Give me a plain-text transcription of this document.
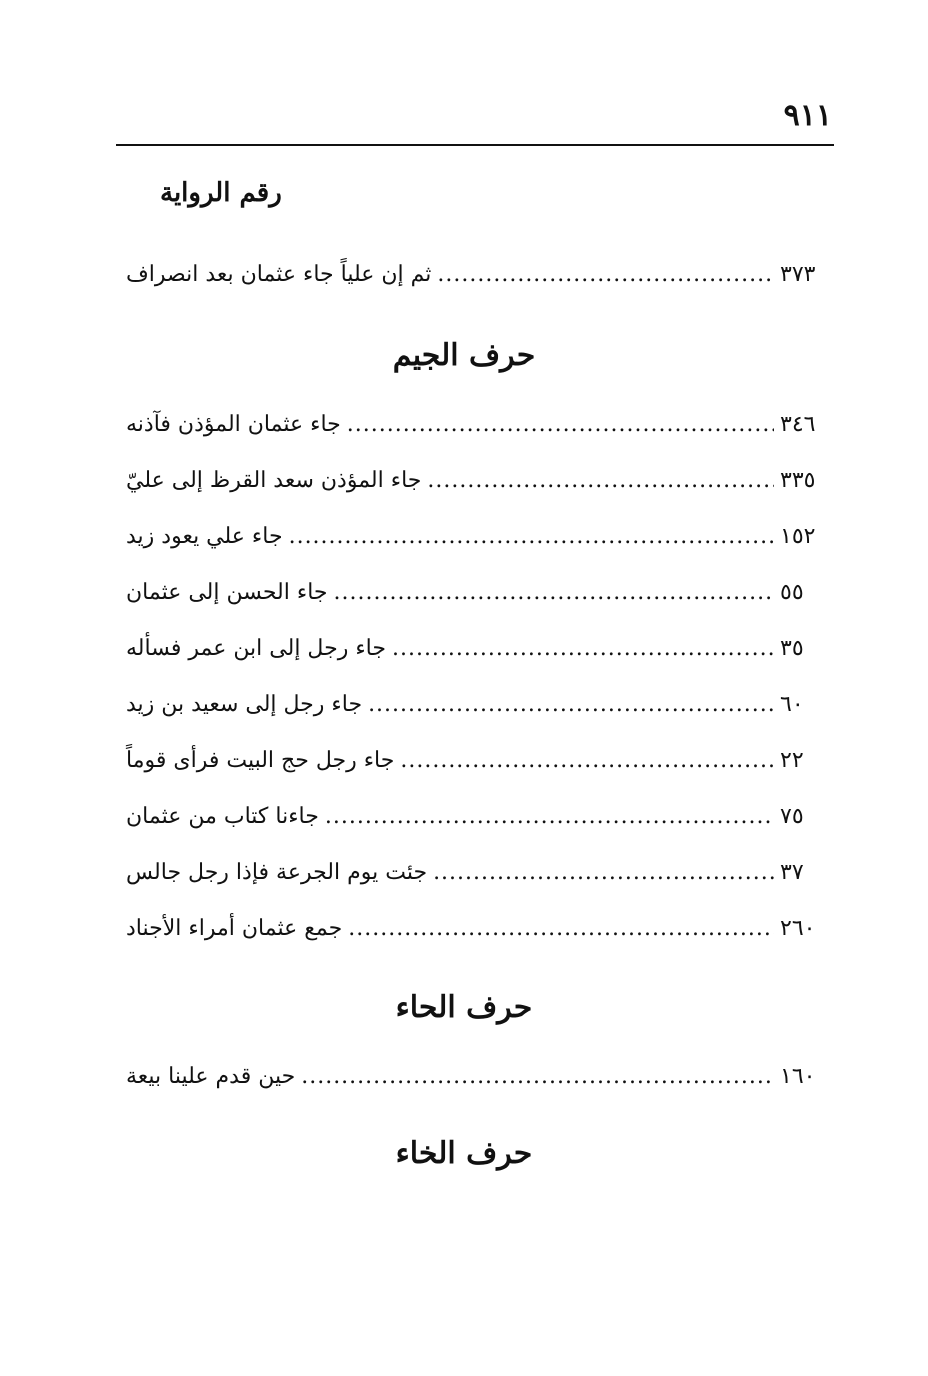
٩١١
رقم الرواية
ثم إن علياً جاء عثمان بعد انصراف .....	٣٧٣
حرف الجيم
جاء عثمان المؤذن فآذنه .....	٣٤٦
جاء المؤذن سعد القرظ إلى عليّ .....	٣٣٥
جاء علي يعود زيد .....	١٥٢
جاء الحسن إلى عثمان .....	٥٥
جاء رجل إلى ابن عمر فسأله .....	٣٥
جاء رجل إلى سعيد بن زيد .....	٦٠
جاء رجل حج البيت فرأى قوماً .....	٢٢
جاءنا كتاب من عثمان .....	٧٥
جئت يوم الجرعة فإذا رجل جالس .....	٣٧
جمع عثمان أمراء الأجناد .....	٢٦٠
حرف الحاء
حين قدم علينا بيعة .....	١٦٠
حرف الخاء
